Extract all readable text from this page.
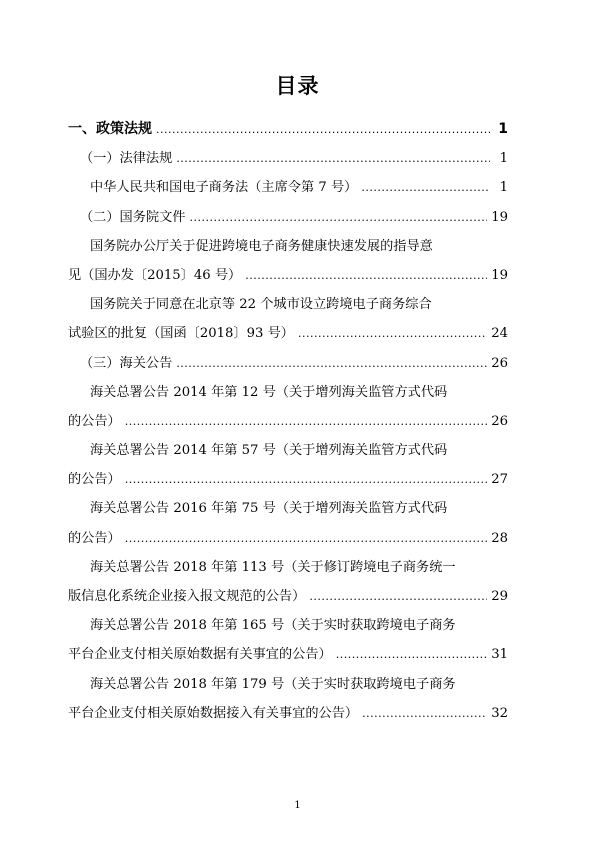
目录
一、政策法规 .....	1
（一）法律法规 .....	1
中华人民共和国电子商务法（主席令第 7 号） .....	1
（二）国务院文件 .....	19
国务院办公厅关于促进跨境电子商务健康快速发展的指导意
见（国办发〔2015〕46 号） .....	19
国务院关于同意在北京等 22 个城市设立跨境电子商务综合
试验区的批复（国函〔2018〕93 号） .....	24
（三）海关公告 .....	26
海关总署公告 2014 年第 12 号（关于增列海关监管方式代码
的公告） .....	26
海关总署公告 2014 年第 57 号（关于增列海关监管方式代码
的公告） .....	27
海关总署公告 2016 年第 75 号（关于增列海关监管方式代码
的公告） .....	28
海关总署公告 2018 年第 113 号（关于修订跨境电子商务统一
版信息化系统企业接入报文规范的公告） .....	29
海关总署公告 2018 年第 165 号（关于实时获取跨境电子商务
平台企业支付相关原始数据有关事宜的公告） .....	31
海关总署公告 2018 年第 179 号（关于实时获取跨境电子商务
平台企业支付相关原始数据接入有关事宜的公告） .....	32
1
